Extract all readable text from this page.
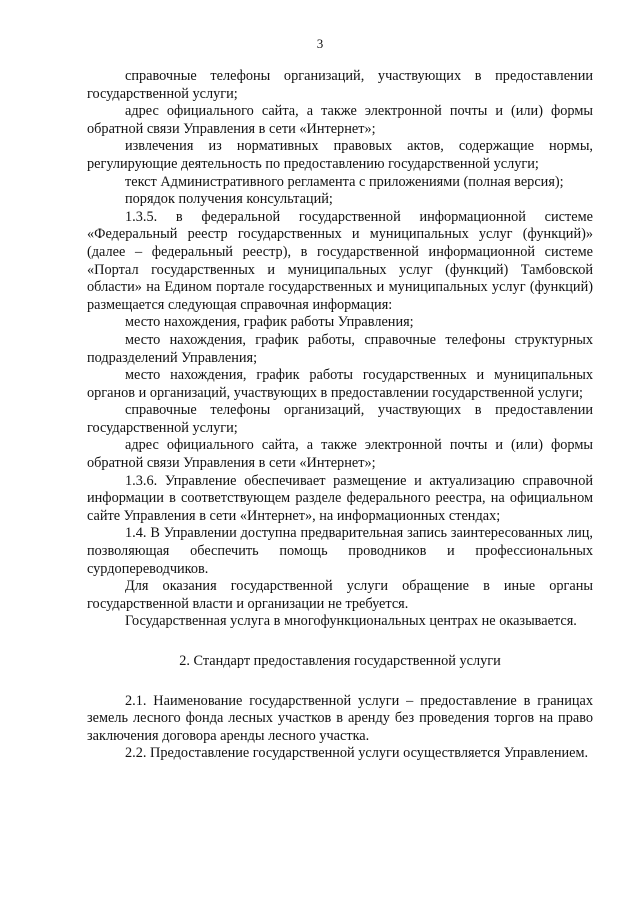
3

справочные телефоны организаций, участвующих в предоставлении государственной услуги;

адрес официального сайта, а также электронной почты и (или) формы обратной связи Управления в сети «Интернет»;

извлечения из нормативных правовых актов, содержащие нормы, регулирующие деятельность по предоставлению государственной услуги;

текст Административного регламента с приложениями (полная версия);

порядок получения консультаций;

1.3.5. в федеральной государственной информационной системе «Федеральный реестр государственных и муниципальных услуг (функций)» (далее – федеральный реестр), в государственной информационной системе «Портал государственных и муниципальных услуг (функций) Тамбовской области» на Едином портале государственных и муниципальных услуг (функций) размещается следующая справочная информация:

место нахождения, график работы Управления;

место нахождения, график работы, справочные телефоны структурных подразделений Управления;

место нахождения, график работы государственных и муниципальных органов и организаций, участвующих в предоставлении государственной услуги;

справочные телефоны организаций, участвующих в предоставлении государственной услуги;

адрес официального сайта, а также электронной почты и (или) формы обратной связи Управления в сети «Интернет»;

1.3.6. Управление обеспечивает размещение и актуализацию справочной информации в соответствующем разделе федерального реестра, на официальном сайте Управления в сети «Интернет», на информационных стендах;

1.4. В Управлении доступна предварительная запись заинтересованных лиц, позволяющая обеспечить помощь проводников и профессиональных сурдопереводчиков.

Для оказания государственной услуги обращение в иные органы государственной власти и организации не требуется.

Государственная услуга в многофункциональных центрах не оказывается.

2. Стандарт предоставления государственной услуги

2.1. Наименование государственной услуги – предоставление в границах земель лесного фонда лесных участков в аренду без проведения торгов на право заключения договора аренды лесного участка.

2.2. Предоставление государственной услуги осуществляется Управлением.
